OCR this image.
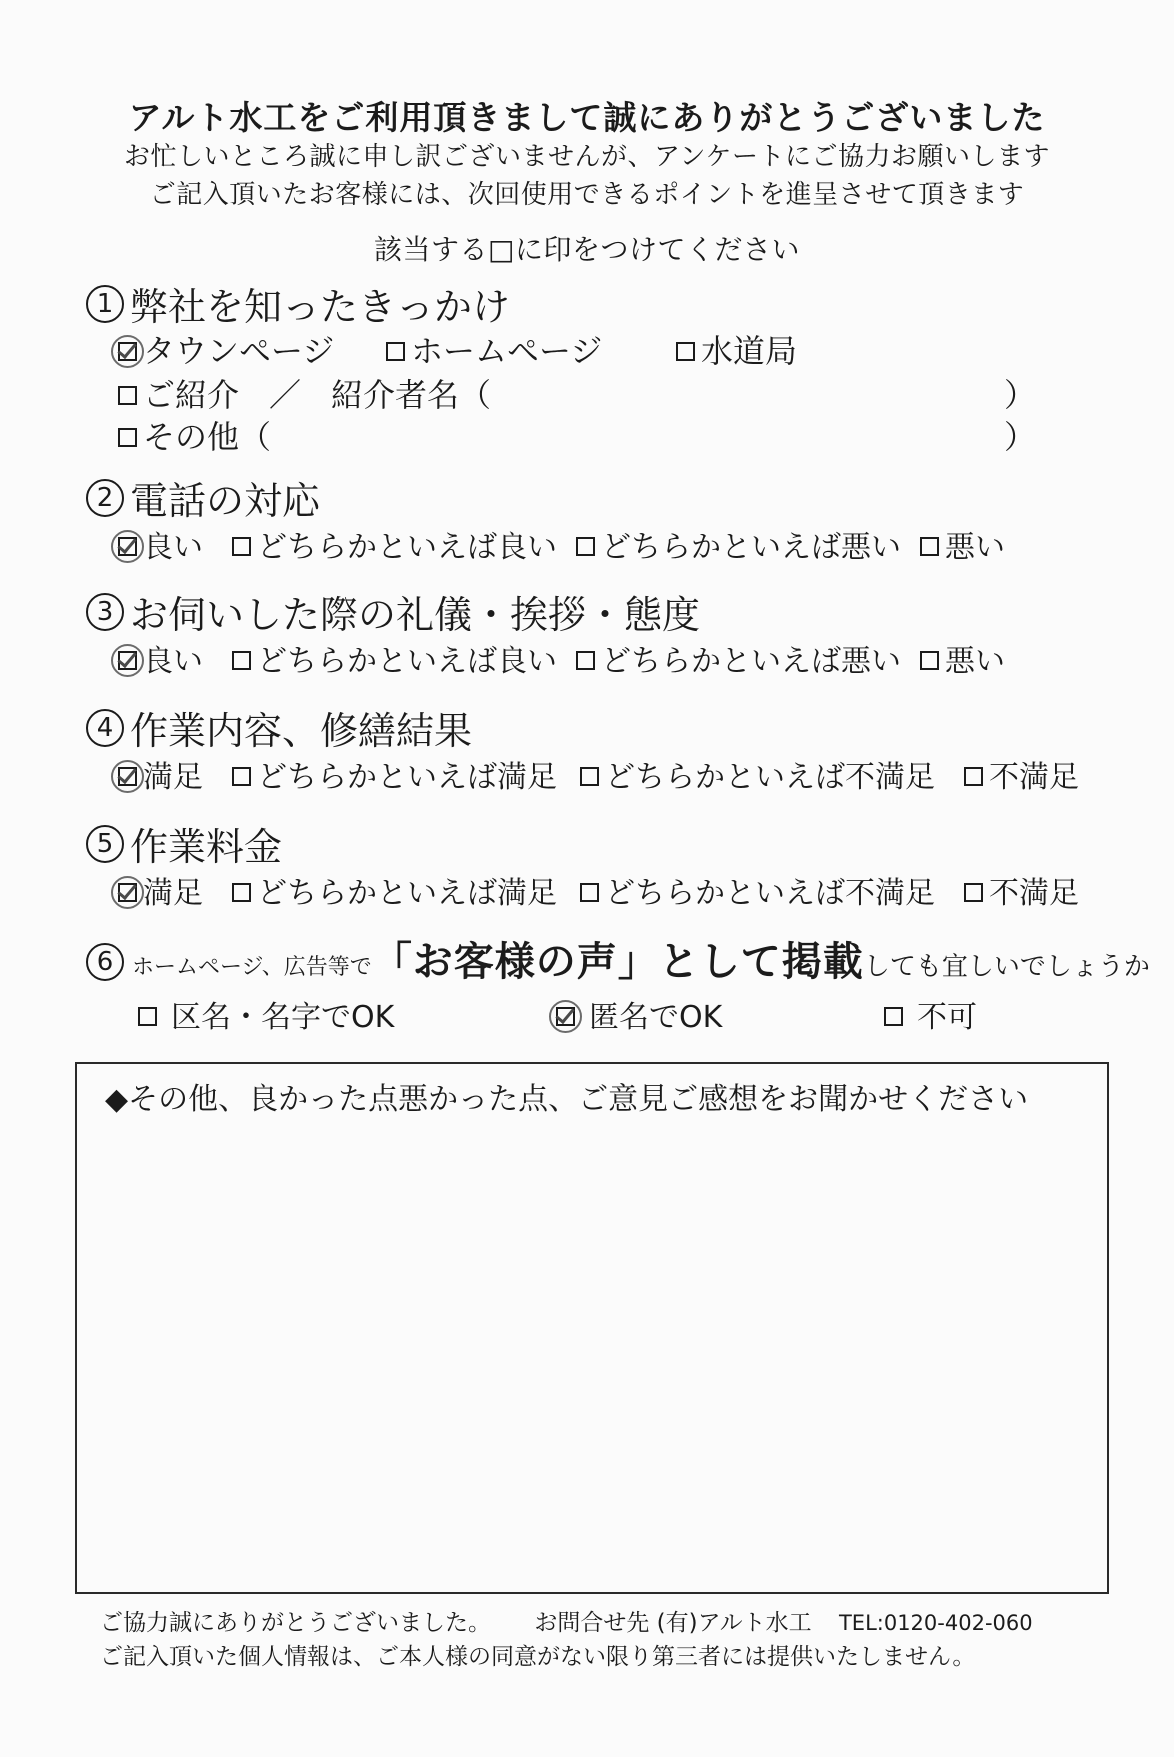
アルト水工をご利用頂きまして誠にありがとうございました
お忙しいところ誠に申し訳ございませんが、アンケートにご協力お願いします
ご記入頂いたお客様には、次回使用できるポイントを進呈させて頂きます
該当する□に印をつけてください
1 弊社を知ったきっかけ
タウンページ ホームページ	水道局
ご紹介 ／ 紹介者名（	）
その他（	）
2 電話の対応
良い どちらかといえば良い どちらかといえば悪い 悪い
3 お伺いした際の礼儀・挨拶・態度
良い どちらかといえば良い どちらかといえば悪い 悪い
4 作業内容、修繕結果
満足 どちらかといえば満足 どちらかといえば不満足 不満足
5 作業料金
満足 どちらかといえば満足 どちらかといえば不満足 不満足
6 ホームページ、広告等で 「お客様の声」として掲載 しても宜しいでしょうか
区名・名字でOK	匿名でOK	不可
◆その他、良かった点悪かった点、ご意見ご感想をお聞かせください
ご協力誠にありがとうございました。 お問合せ先 (有)アルト水工 TEL:0120-402-060
ご記入頂いた個人情報は、ご本人様の同意がない限り第三者には提供いたしません。
